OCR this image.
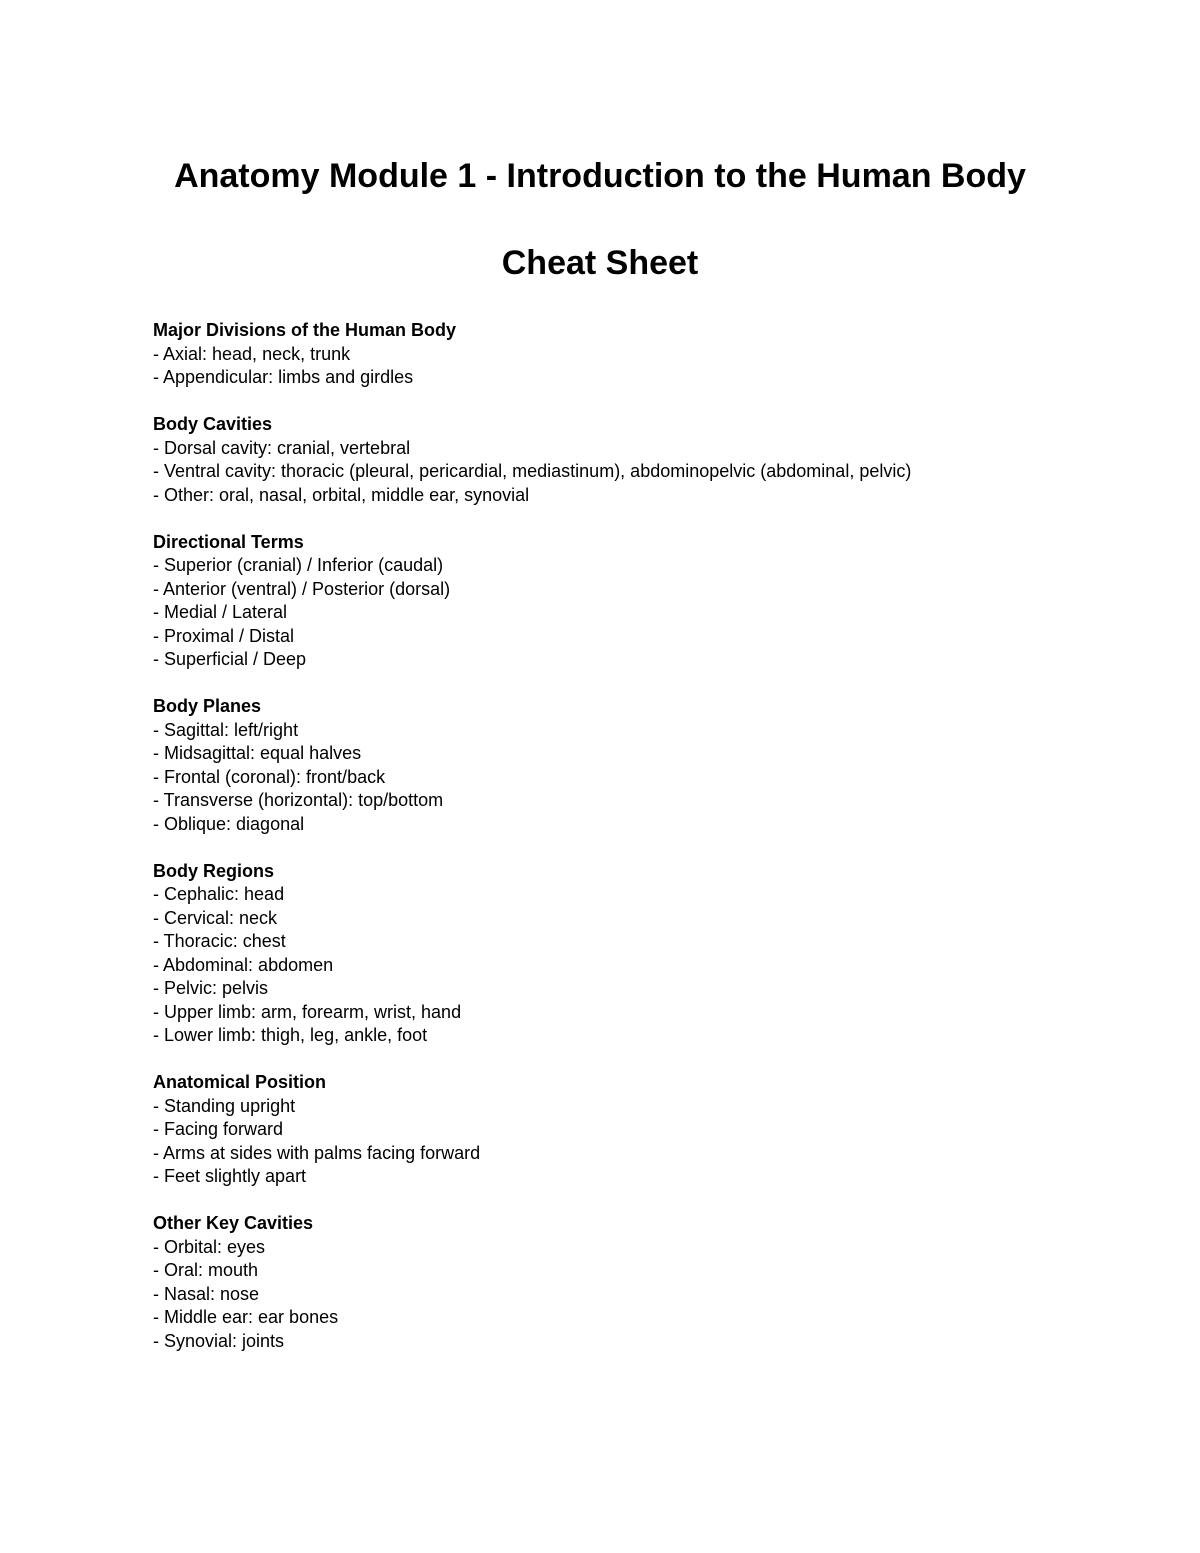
Anatomy Module 1 - Introduction to the Human Body
Cheat Sheet
Major Divisions of the Human Body
- Axial: head, neck, trunk
- Appendicular: limbs and girdles
Body Cavities
- Dorsal cavity: cranial, vertebral
- Ventral cavity: thoracic (pleural, pericardial, mediastinum), abdominopelvic (abdominal, pelvic)
- Other: oral, nasal, orbital, middle ear, synovial
Directional Terms
- Superior (cranial) / Inferior (caudal)
- Anterior (ventral) / Posterior (dorsal)
- Medial / Lateral
- Proximal / Distal
- Superficial / Deep
Body Planes
- Sagittal: left/right
- Midsagittal: equal halves
- Frontal (coronal): front/back
- Transverse (horizontal): top/bottom
- Oblique: diagonal
Body Regions
- Cephalic: head
- Cervical: neck
- Thoracic: chest
- Abdominal: abdomen
- Pelvic: pelvis
- Upper limb: arm, forearm, wrist, hand
- Lower limb: thigh, leg, ankle, foot
Anatomical Position
- Standing upright
- Facing forward
- Arms at sides with palms facing forward
- Feet slightly apart
Other Key Cavities
- Orbital: eyes
- Oral: mouth
- Nasal: nose
- Middle ear: ear bones
- Synovial: joints
